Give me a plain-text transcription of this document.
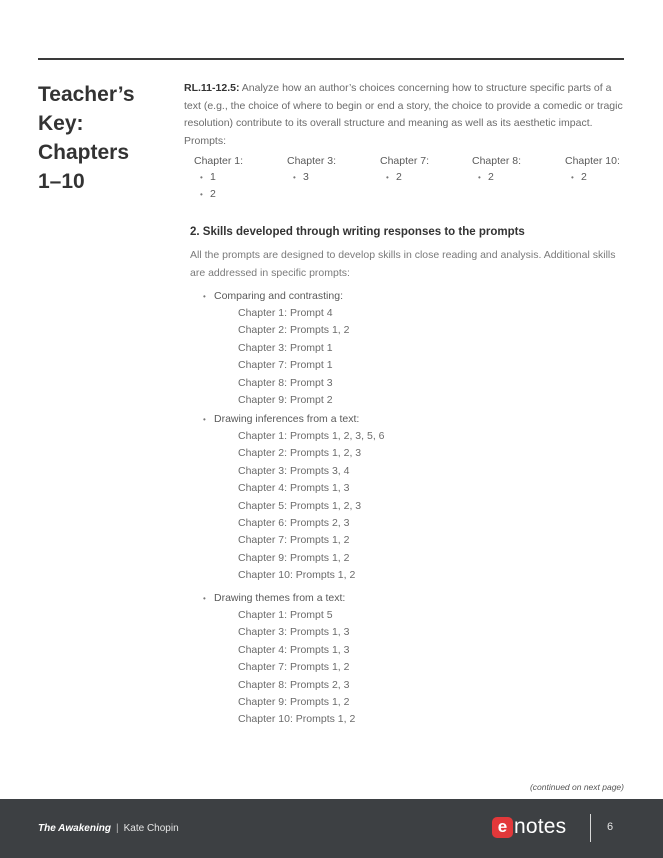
Teacher’s
Key:
Chapters
1–10

RL.11-12.5: Analyze how an author’s choices concerning how to structure specific parts of a text (e.g., the choice of where to begin or end a story, the choice to provide a comedic or tragic resolution) contribute to its overall structure and meaning as well as its aesthetic impact. Prompts:

Chapter 1:
• 1
• 2
Chapter 3:
• 3
Chapter 7:
• 2
Chapter 8:
• 2
Chapter 10:
• 2
2. Skills developed through writing responses to the prompts

All the prompts are designed to develop skills in close reading and analysis. Additional skills are addressed in specific prompts:

• Comparing and contrasting:
Chapter 1: Prompt 4
Chapter 2: Prompts 1, 2
Chapter 3: Prompt 1
Chapter 7: Prompt 1
Chapter 8: Prompt 3
Chapter 9: Prompt 2
• Drawing inferences from a text:
Chapter 1: Prompts 1, 2, 3, 5, 6
Chapter 2: Prompts 1, 2, 3
Chapter 3: Prompts 3, 4
Chapter 4: Prompts 1, 3
Chapter 5: Prompts 1, 2, 3
Chapter 6: Prompts 2, 3
Chapter 7: Prompts 1, 2
Chapter 9: Prompts 1, 2
Chapter 10: Prompts 1, 2
• Drawing themes from a text:
Chapter 1: Prompt 5
Chapter 3: Prompts 1, 3
Chapter 4: Prompts 1, 3
Chapter 7: Prompts 1, 2
Chapter 8: Prompts 2, 3
Chapter 9: Prompts 1, 2
Chapter 10: Prompts 1, 2
(continued on next page)
The Awakening | Kate Chopin	e notes	6
